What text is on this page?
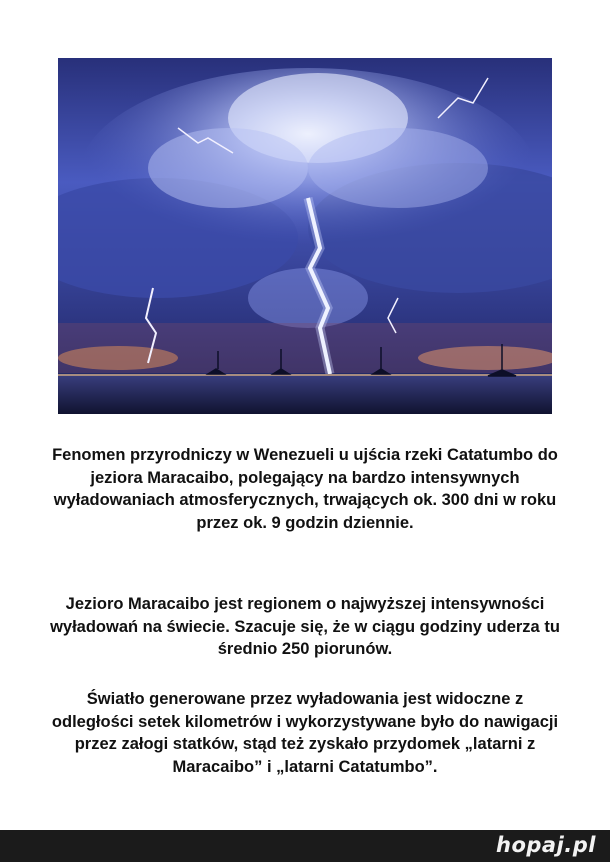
Fenomen przyrodniczy w Wenezueli u ujścia rzeki Catatumbo do jeziora Maracaibo, polegający na bardzo intensywnych wyładowaniach atmosferycznych, trwających ok. 300 dni w roku przez ok. 9 godzin dziennie.

Jezioro Maracaibo jest regionem o najwyższej intensywności wyładowań na świecie. Szacuje się, że w ciągu godziny uderza tu średnio 250 piorunów.

Światło generowane przez wyładowania jest widoczne z odległości setek kilometrów i wykorzystywane było do nawigacji przez załogi statków, stąd też zyskało przydomek „latarni z Maracaibo” i „latarni Catatumbo”.

hopaj.pl
